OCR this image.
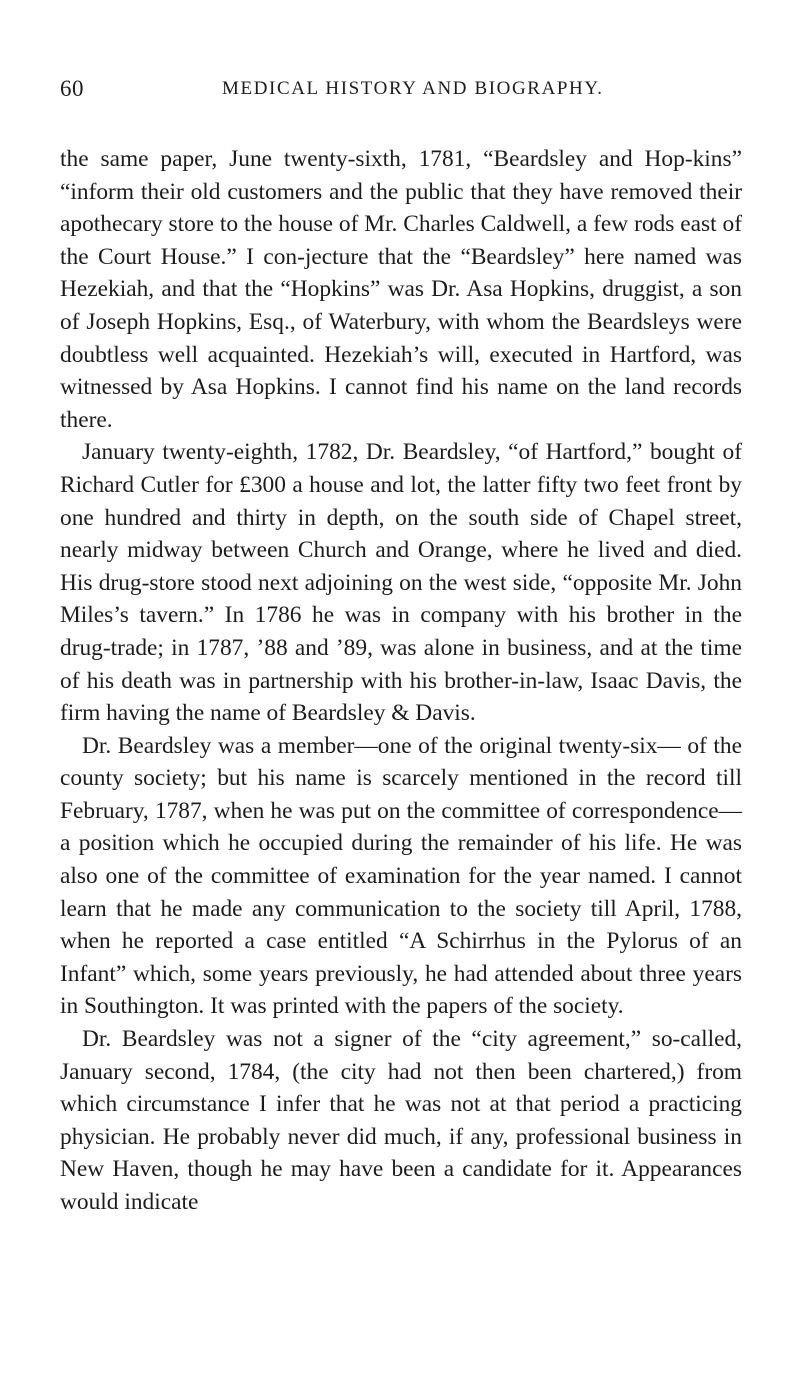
60	MEDICAL HISTORY AND BIOGRAPHY.

the same paper, June twenty-sixth, 1781, “Beardsley and Hop-kins” “inform their old customers and the public that they have removed their apothecary store to the house of Mr. Charles Caldwell, a few rods east of the Court House.” I con-jecture that the “Beardsley” here named was Hezekiah, and that the “Hopkins” was Dr. Asa Hopkins, druggist, a son of Joseph Hopkins, Esq., of Waterbury, with whom the Beardsleys were doubtless well acquainted. Hezekiah’s will, executed in Hartford, was witnessed by Asa Hopkins. I cannot find his name on the land records there.

January twenty-eighth, 1782, Dr. Beardsley, “of Hartford,” bought of Richard Cutler for £300 a house and lot, the latter fifty two feet front by one hundred and thirty in depth, on the south side of Chapel street, nearly midway between Church and Orange, where he lived and died. His drug-store stood next adjoining on the west side, “opposite Mr. John Miles’s tavern.” In 1786 he was in company with his brother in the drug-trade; in 1787, ’88 and ’89, was alone in business, and at the time of his death was in partnership with his brother-in-law, Isaac Davis, the firm having the name of Beardsley & Davis.

Dr. Beardsley was a member—one of the original twenty-six— of the county society; but his name is scarcely mentioned in the record till February, 1787, when he was put on the committee of correspondence—a position which he occupied during the remainder of his life. He was also one of the committee of examination for the year named. I cannot learn that he made any communication to the society till April, 1788, when he reported a case entitled “A Schirrhus in the Pylorus of an Infant” which, some years previously, he had attended about three years in Southington. It was printed with the papers of the society.

Dr. Beardsley was not a signer of the “city agreement,” so-called, January second, 1784, (the city had not then been chartered,) from which circumstance I infer that he was not at that period a practicing physician. He probably never did much, if any, professional business in New Haven, though he may have been a candidate for it. Appearances would indicate
